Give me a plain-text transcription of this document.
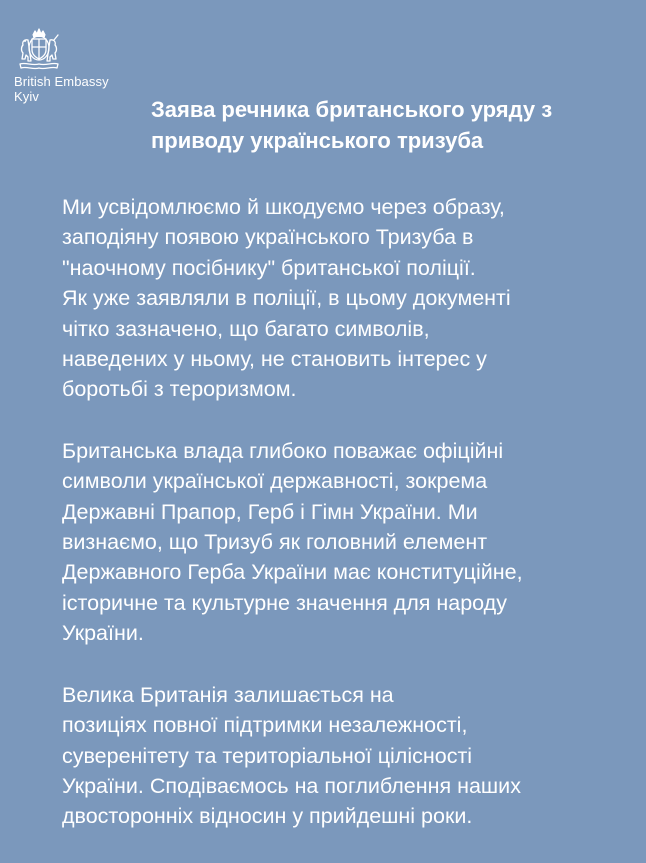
British Embassy
Kyiv
Заява речника британського уряду з
приводу українського тризуба

Ми усвідомлюємо й шкодуємо через образу,
заподіяну появою українського Тризуба в
"наочному посібнику" британської поліції.
Як уже заявляли в поліції, в цьому документі
чітко зазначено, що багато символів,
наведених у ньому, не становить інтерес у
боротьбі з тероризмом.

Британська влада глибоко поважає офіційні
символи української державності, зокрема
Державні Прапор, Герб і Гімн України. Ми
визнаємо, що Тризуб як головний елемент
Державного Герба України має конституційне,
історичне та культурне значення для народу
України.

Велика Британія залишається на
позиціях повної підтримки незалежності,
суверенітету та територіальної цілісності
України. Сподіваємось на поглиблення наших
двосторонніх відносин у прийдешні роки.
